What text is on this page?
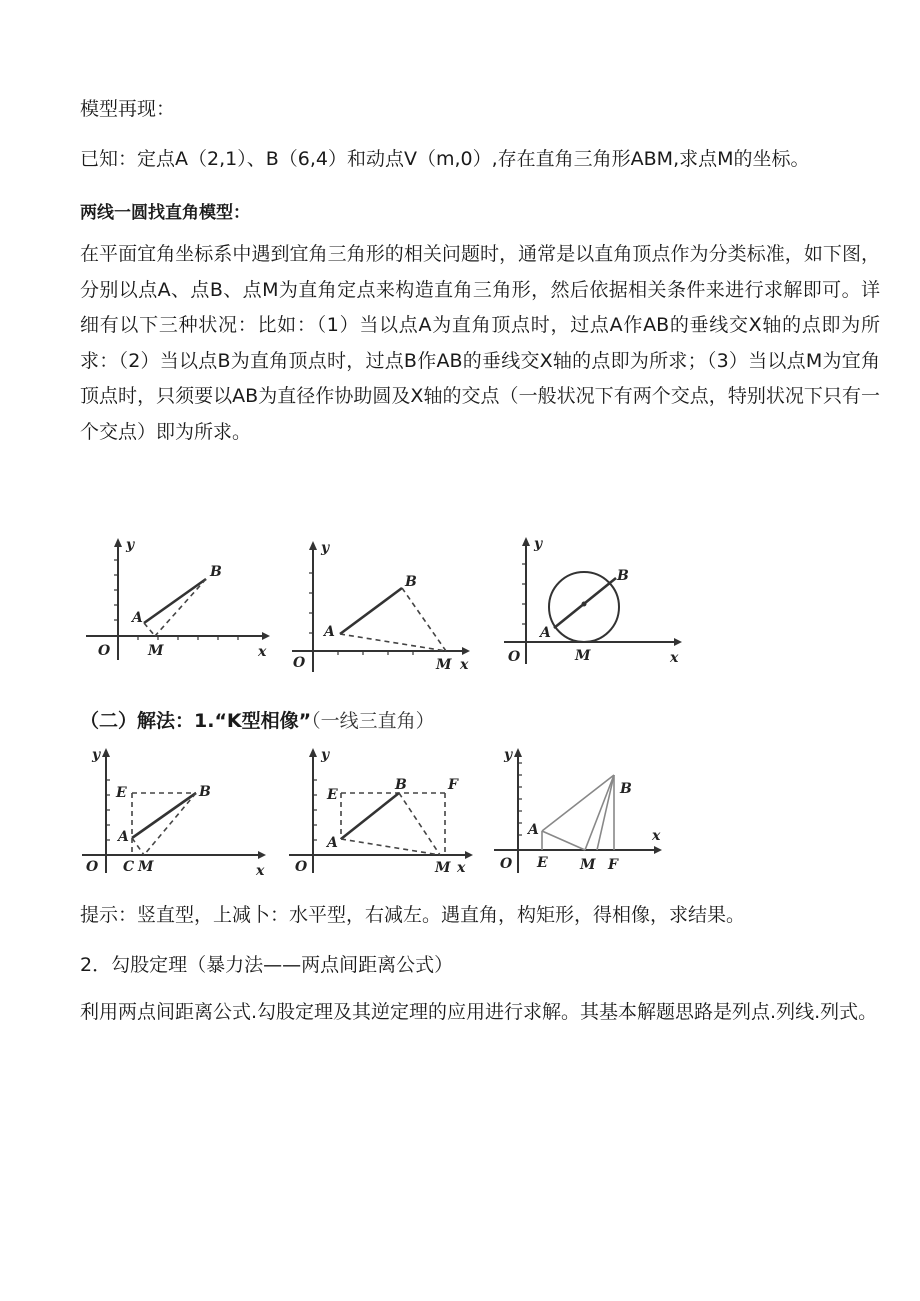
模型再现：
已知：定点A（2,1）、B（6,4）和动点V（m,0）,存在直角三角形ABM,求点M的坐标。
两线一圆找直角模型：

在平面宜角坐标系中遇到宜角三角形的相关问题时，通常是以直角顶点作为分类标准，如下图，分别以点A、点B、点M为直角定点来构造直角三角形，然后依据相关条件来进行求解即可。详细有以下三种状况：比如：（1）当以点A为直角顶点时，过点A作AB的垂线交X轴的点即为所求：（2）当以点B为直角顶点时，过点B作AB的垂线交X轴的点即为所求；（3）当以点M为宜角顶点时，只须要以AB为直径作协助圆及X轴的交点（一般状况下有两个交点，特别状况下只有一个交点）即为所求。

y
B
A
O	M	x
y
B
A
O	M x
y
B
A
O	M	x
（二）解法：1.“K型相像”（一线三直角）
y
E	B
A
O C M	x
y
E
B	F
A
O	M x
y
B
A
O E M F
x
提示：竖直型，上减卜：水平型，右减左。遇直角，构矩形，得相像，求结果。
2．勾股定理（暴力法——两点间距离公式）

利用两点间距离公式.勾股定理及其逆定理的应用进行求解。其基本解题思路是列点.列线.列式。
